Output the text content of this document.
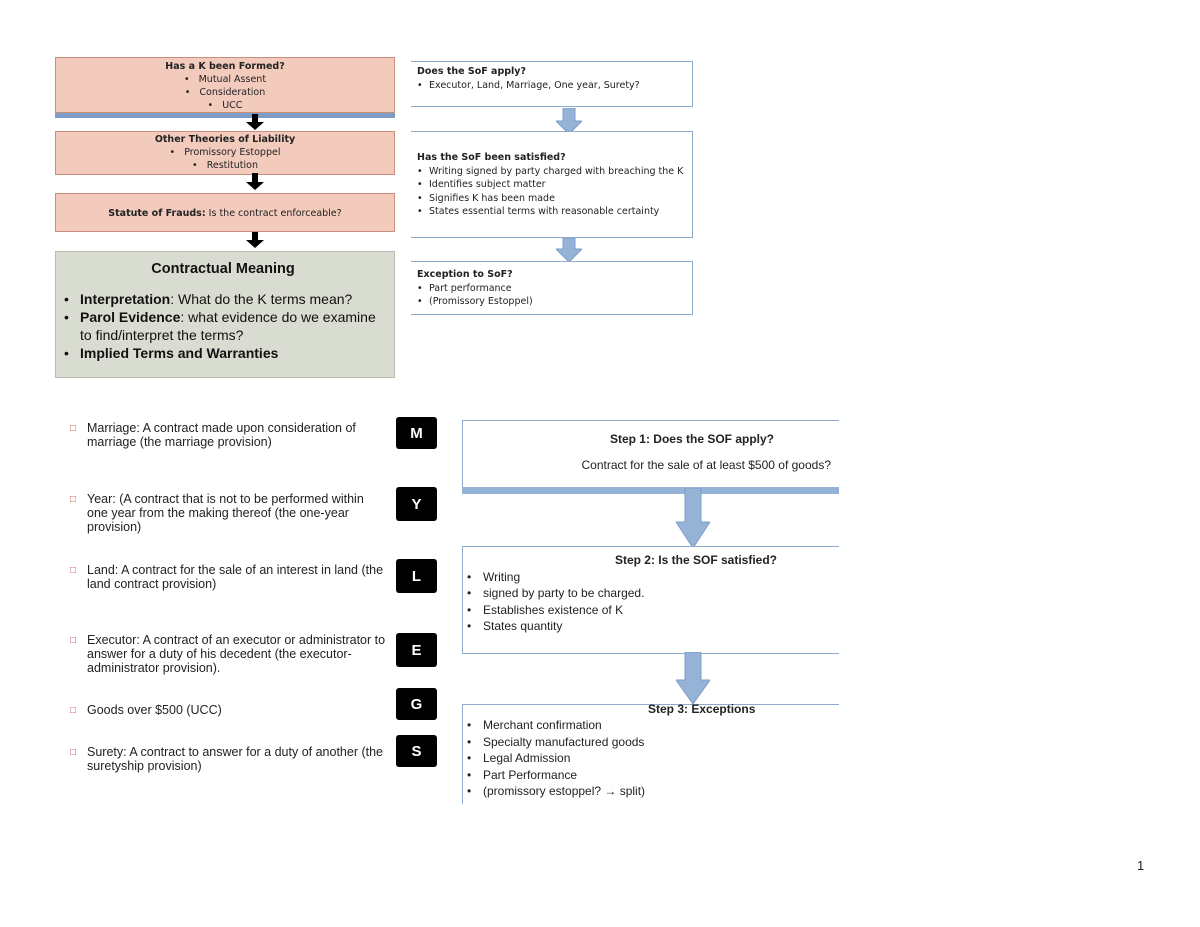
Has a K been Formed?
•   Mutual Assent
•   Consideration
•   UCC
Other Theories of Liability
•   Promissory Estoppel
•   Restitution
Statute of Frauds: Is the contract enforceable?
Contractual Meaning
• Interpretation: What do the K terms mean?
• Parol Evidence: what evidence do we examine to find/interpret the terms?
• Implied Terms and Warranties
Does the SoF apply?
• Executor, Land, Marriage, One year, Surety?
Has the SoF been satisfied?
• Writing signed by party charged with breaching the K
• Identifies subject matter
• Signifies K has been made
• States essential terms with reasonable certainty
Exception to SoF?
• Part performance
• (Promissory Estoppel)
□ Marriage: A contract made upon consideration of marriage (the marriage provision)
M
□ Year: (A contract that is not to be performed within one year from the making thereof (the one-year provision)
Y
□ Land: A contract for the sale of an interest in land (the land contract provision)	L
□ Executor: A contract of an executor or administrator to answer for a duty of his decedent (the executor-administrator provision).
E
□ Goods over $500 (UCC)	G
□ Surety: A contract to answer for a duty of another (the suretyship provision)
S
Step 1: Does the SOF apply?
Contract for the sale of at least $500 of goods?
Step 2: Is the SOF satisfied?
• Writing
• signed by party to be charged.
• Establishes existence of K
• States quantity
Step 3: Exceptions
• Merchant confirmation
• Specialty manufactured goods
• Legal Admission
• Part Performance
• (promissory estoppel? → split)
1
